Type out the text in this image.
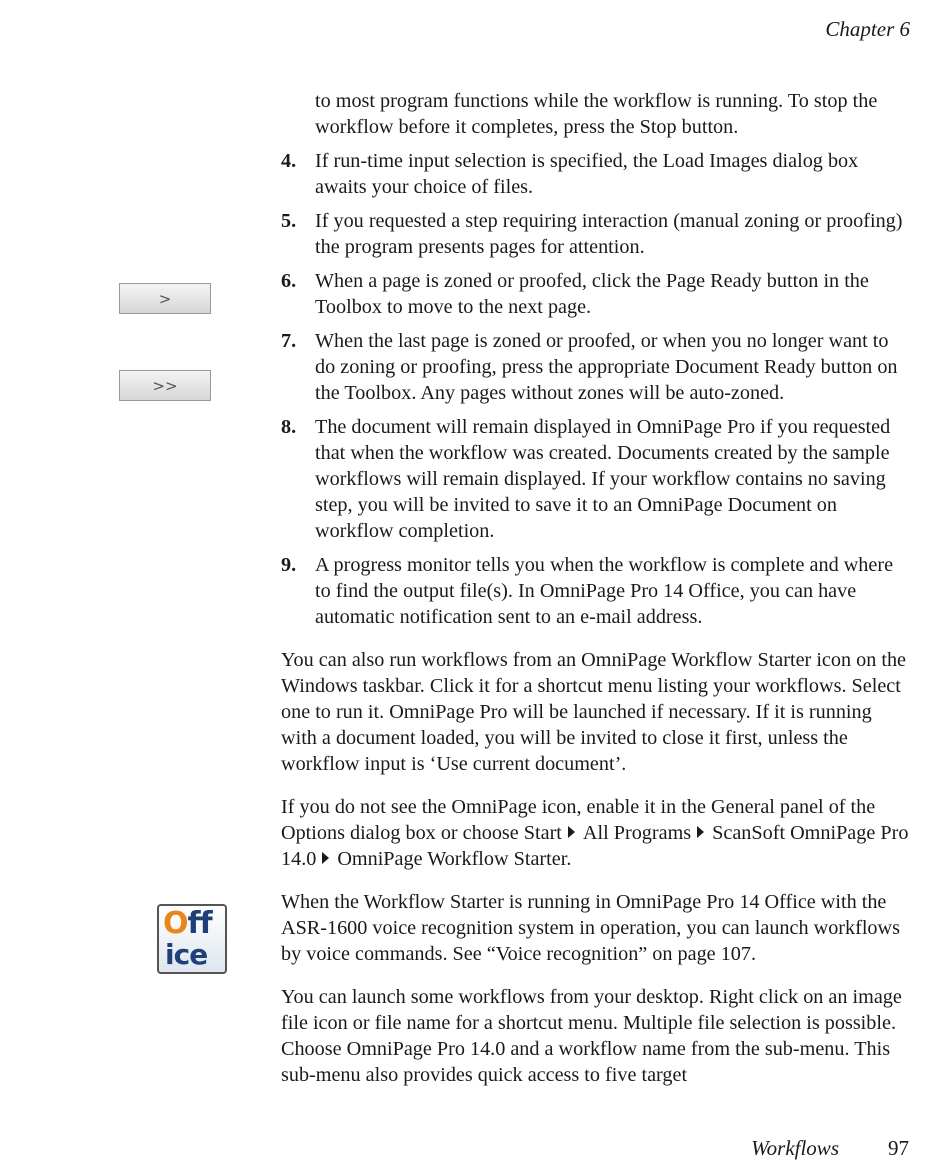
Chapter 6
>
>>
Off
ice
to most program functions while the workflow is running. To stop the workflow before it completes, press the Stop button.
4. If run-time input selection is specified, the Load Images dialog box awaits your choice of files.
5. If you requested a step requiring interaction (manual zoning or proofing) the program presents pages for attention.
6. When a page is zoned or proofed, click the Page Ready button in the Toolbox to move to the next page.
7. When the last page is zoned or proofed, or when you no longer want to do zoning or proofing, press the appropriate Document Ready button on the Toolbox. Any pages without zones will be auto-zoned.
8. The document will remain displayed in OmniPage Pro if you requested that when the workflow was created. Documents created by the sample workflows will remain displayed. If your workflow contains no saving step, you will be invited to save it to an OmniPage Document on workflow completion.
9. A progress monitor tells you when the workflow is complete and where to find the output file(s). In OmniPage Pro 14 Office, you can have automatic notification sent to an e-mail address.

You can also run workflows from an OmniPage Workflow Starter icon on the Windows taskbar. Click it for a shortcut menu listing your workflows. Select one to run it. OmniPage Pro will be launched if necessary. If it is running with a document loaded, you will be invited to close it first, unless the workflow input is ‘Use current document’.

If you do not see the OmniPage icon, enable it in the General panel of the Options dialog box or choose Start All Programs ScanSoft OmniPage Pro 14.0 OmniPage Workflow Starter.

When the Workflow Starter is running in OmniPage Pro 14 Office with the ASR-1600 voice recognition system in operation, you can launch workflows by voice commands. See “Voice recognition” on page 107.

You can launch some workflows from your desktop. Right click on an image file icon or file name for a shortcut menu. Multiple file selection is possible. Choose OmniPage Pro 14.0 and a workflow name from the sub-menu. This sub-menu also provides quick access to five target

Workflows 97
